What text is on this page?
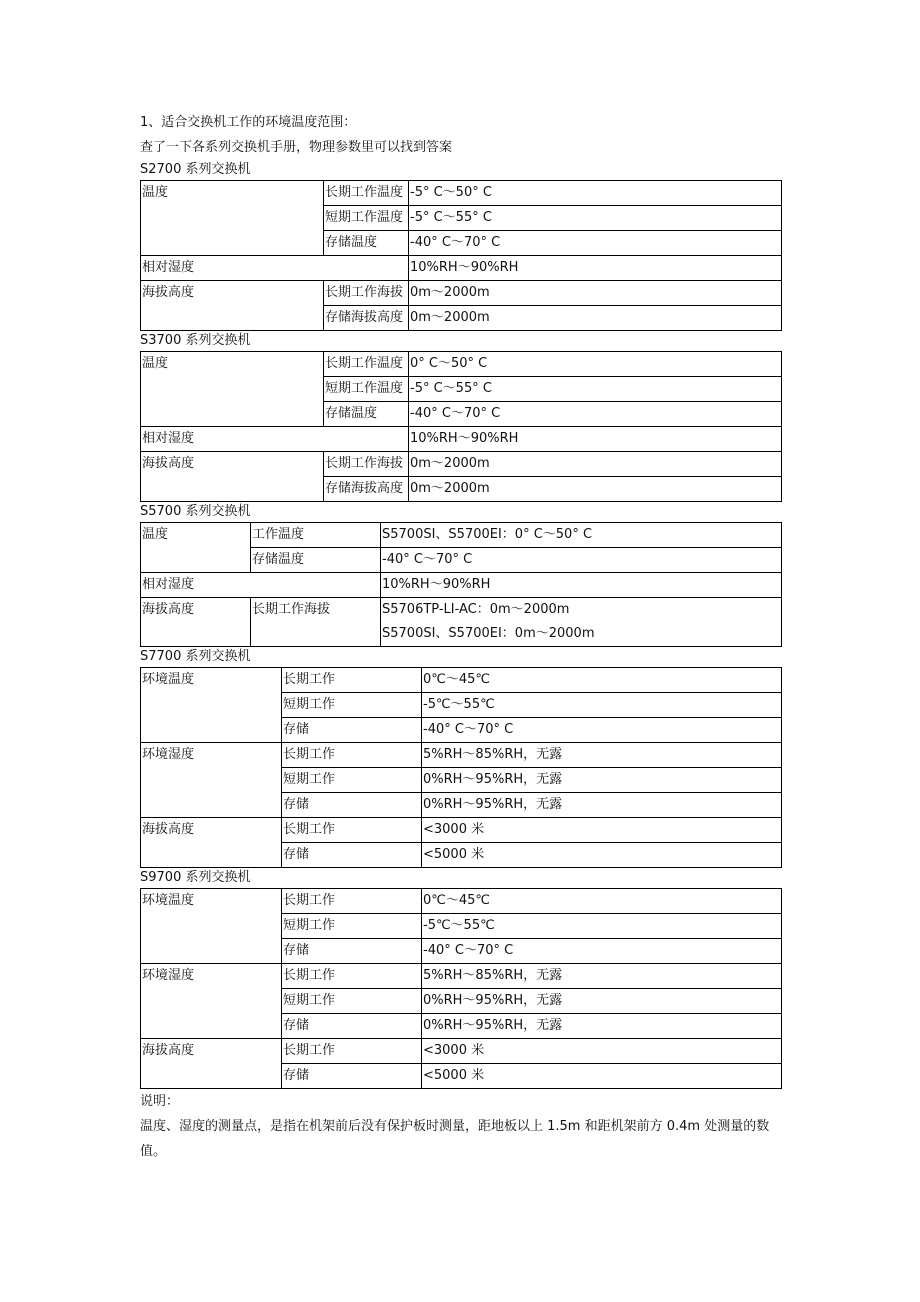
1、适合交换机工作的环境温度范围：
查了一下各系列交换机手册，物理参数里可以找到答案
S2700 系列交换机
温度	长期工作温度	-5° C～50° C
	短期工作温度	-5° C～55° C
	存储温度	-40° C～70° C
相对湿度		10%RH～90%RH
海拔高度	长期工作海拔	0m～2000m
	存储海拔高度	0m～2000m
S3700 系列交换机
温度	长期工作温度	0° C～50° C
	短期工作温度	-5° C～55° C
	存储温度	-40° C～70° C
相对湿度		10%RH～90%RH
海拔高度	长期工作海拔	0m～2000m
	存储海拔高度	0m～2000m
S5700 系列交换机
温度	工作温度	S5700SI、S5700EI：0° C～50° C
	存储温度	-40° C～70° C
相对湿度		10%RH～90%RH
海拔高度	长期工作海拔	S5706TP-LI-AC：0m～2000m
S5700SI、S5700EI：0m～2000m
S7700 系列交换机
环境温度	长期工作	0℃～45℃
	短期工作	-5℃～55℃
	存储	-40° C～70° C
环境湿度	长期工作	5%RH～85%RH，无露
	短期工作	0%RH～95%RH，无露
	存储	0%RH～95%RH，无露
海拔高度	长期工作	<3000 米
	存储	<5000 米
S9700 系列交换机
环境温度	长期工作	0℃～45℃
	短期工作	-5℃～55℃
	存储	-40° C～70° C
环境湿度	长期工作	5%RH～85%RH，无露
	短期工作	0%RH～95%RH，无露
	存储	0%RH～95%RH，无露
海拔高度	长期工作	<3000 米
	存储	<5000 米
说明：
温度、湿度的测量点，是指在机架前后没有保护板时测量，距地板以上 1.5m 和距机架前方 0.4m 处测量的数值。
